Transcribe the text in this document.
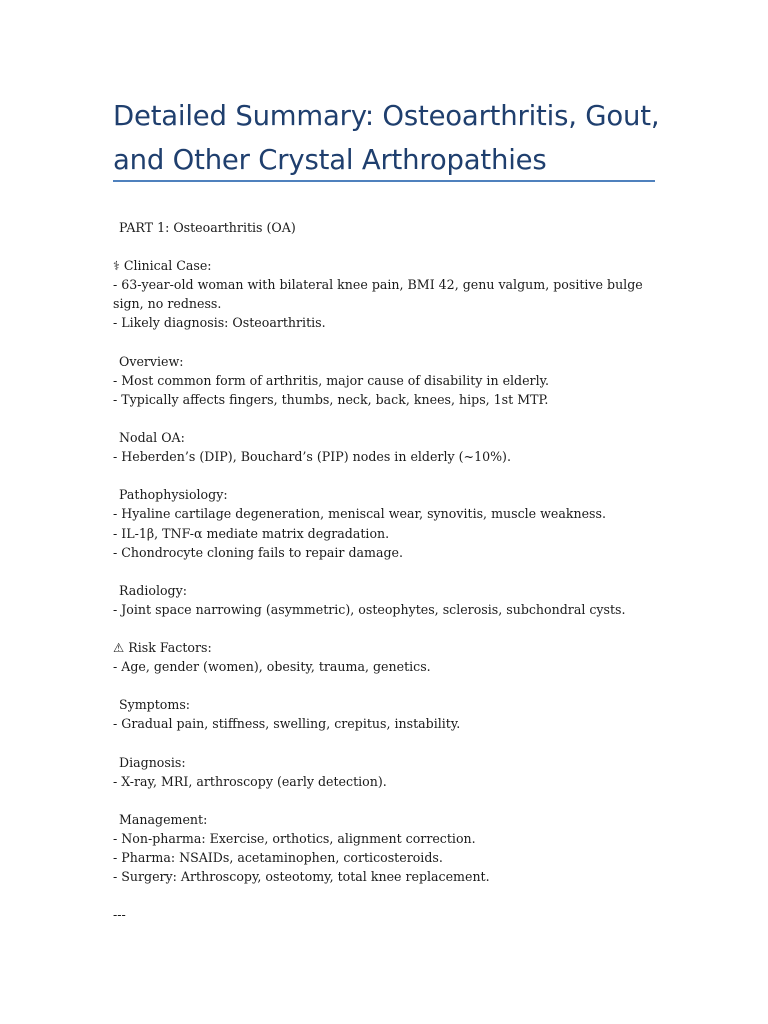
Detailed Summary: Osteoarthritis, Gout, and Other Crystal Arthropathies
PART 1: Osteoarthritis (OA)
⚕ Clinical Case:
- 63-year-old woman with bilateral knee pain, BMI 42, genu valgum, positive bulge sign, no redness.
- Likely diagnosis: Osteoarthritis.
Overview:
- Most common form of arthritis, major cause of disability in elderly.
- Typically affects fingers, thumbs, neck, back, knees, hips, 1st MTP.
Nodal OA:
- Heberden’s (DIP), Bouchard’s (PIP) nodes in elderly (~10%).
Pathophysiology:
- Hyaline cartilage degeneration, meniscal wear, synovitis, muscle weakness.
- IL-1β, TNF-α mediate matrix degradation.
- Chondrocyte cloning fails to repair damage.
Radiology:
- Joint space narrowing (asymmetric), osteophytes, sclerosis, subchondral cysts.
⚠ Risk Factors:
- Age, gender (women), obesity, trauma, genetics.
Symptoms:
- Gradual pain, stiffness, swelling, crepitus, instability.
Diagnosis:
- X-ray, MRI, arthroscopy (early detection).
Management:
- Non-pharma: Exercise, orthotics, alignment correction.
- Pharma: NSAIDs, acetaminophen, corticosteroids.
- Surgery: Arthroscopy, osteotomy, total knee replacement.
---
